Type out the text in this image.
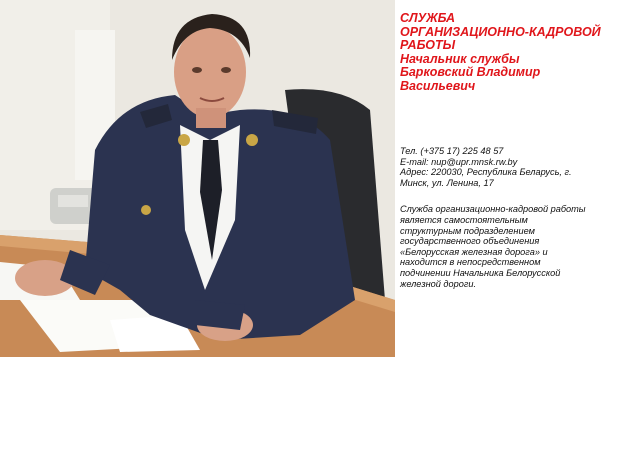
СЛУЖБА
ОРГАНИЗАЦИОННО-КАДРОВОЙ
РАБОТЫ
Начальник службы
Барковский Владимир
Васильевич
Тел. (+375 17) 225 48 57
E-mail: nup@upr.mnsk.rw.by
Адрес: 220030, Республика Беларусь, г.
Минск, ул. Ленина, 17
Служба организационно-кадровой работы
является самостоятельным
структурным подразделением
государственного объединения
«Белорусская железная дорога» и
находится в непосредственном
подчинении Начальника Белорусской
железной дороги.
